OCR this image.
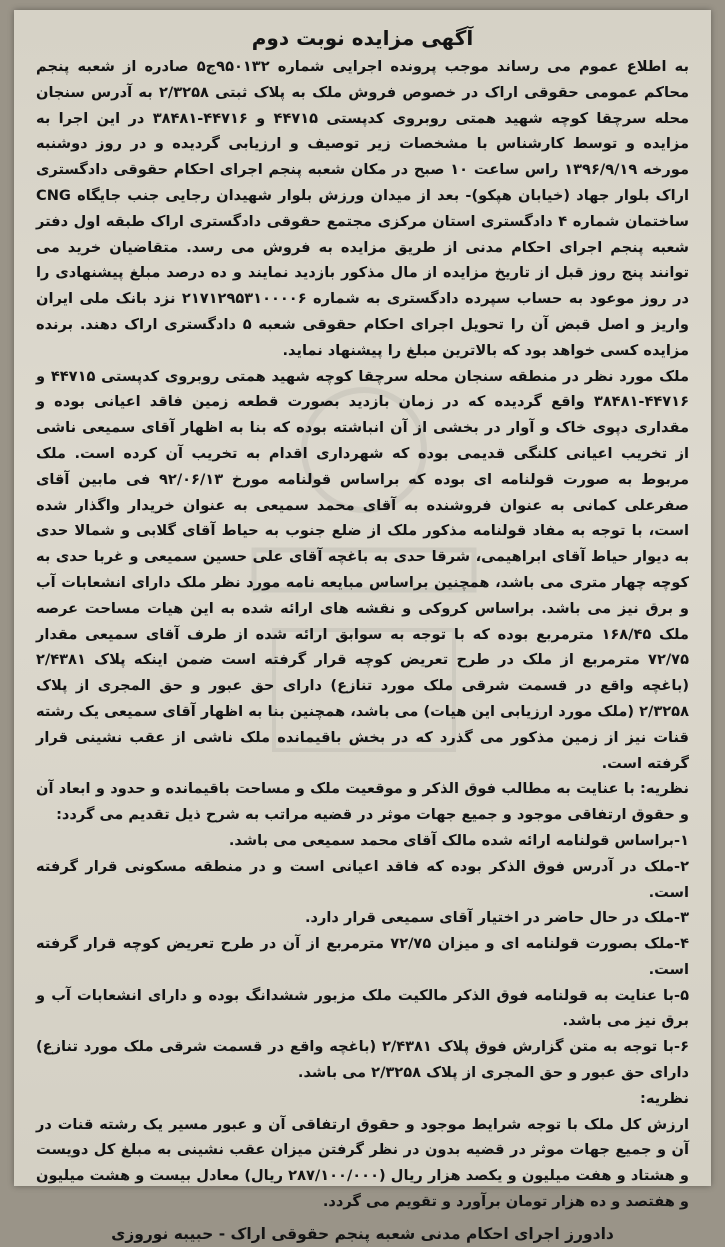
آگهی مزایده نوبت دوم

به اطلاع عموم می رساند موجب پرونده اجرایی شماره ۹۵۰۱۳۲ج۵ صادره از شعبه پنجم محاکم عمومی حقوقی اراک در خصوص فروش ملک به پلاک ثبتی ۲/۳۲۵۸ به آدرس سنجان محله سرچقا کوچه شهید همتی روبروی کدپستی ۴۴۷۱۵ و ۴۴۷۱۶-۳۸۴۸۱ در این اجرا به مزایده و توسط کارشناس با مشخصات زیر توصیف و ارزیابی گردیده و در روز دوشنبه مورخه ۱۳۹۶/۹/۱۹ راس ساعت ۱۰ صبح در مکان شعبه پنجم اجرای احکام حقوقی دادگستری اراک بلوار جهاد (خیابان هپکو)- بعد از میدان ورزش بلوار شهیدان رجایی جنب جایگاه CNG ساختمان شماره ۴ دادگستری استان مرکزی مجتمع حقوقی دادگستری اراک طبقه اول دفتر شعبه پنجم اجرای احکام مدنی از طریق مزایده به فروش می رسد. متقاضیان خرید می توانند پنج روز قبل از تاریخ مزایده از مال مذکور بازدید نمایند و ده درصد مبلغ پیشنهادی را در روز موعود به حساب سپرده دادگستری به شماره ۲۱۷۱۲۹۵۳۱۰۰۰۰۶ نزد بانک ملی ایران واریز و اصل قبض آن را تحویل اجرای احکام حقوقی شعبه ۵ دادگستری اراک دهند. برنده مزایده کسی خواهد بود که بالاترین مبلغ را پیشنهاد نماید.

ملک مورد نظر در منطقه سنجان محله سرچقا کوچه شهید همتی روبروی کدپستی ۴۴۷۱۵ و ۴۴۷۱۶-۳۸۴۸۱ واقع گردیده که در زمان بازدید بصورت قطعه زمین فاقد اعیانی بوده و مقداری دپوی خاک و آوار در بخشی از آن انباشته بوده که بنا به اظهار آقای سمیعی ناشی از تخریب اعیانی کلنگی قدیمی بوده که شهرداری اقدام به تخریب آن کرده است. ملک مربوط به صورت قولنامه ای بوده که براساس قولنامه مورخ ۹۲/۰۶/۱۳ فی مابین آقای صفرعلی کمانی به عنوان فروشنده به آقای محمد سمیعی به عنوان خریدار واگذار شده است، با توجه به مفاد قولنامه مذکور ملک از ضلع جنوب به حیاط آقای گلابی و شمالا حدی به دیوار حیاط آقای ابراهیمی، شرقا حدی به باغچه آقای علی حسین سمیعی و غربا حدی به کوچه چهار متری می باشد، همچنین براساس مبایعه نامه مورد نظر ملک دارای انشعابات آب و برق نیز می باشد. براساس کروکی و نقشه های ارائه شده به این هیات مساحت عرصه ملک ۱۶۸/۴۵ مترمربع بوده که با توجه به سوابق ارائه شده از طرف آقای سمیعی مقدار ۷۲/۷۵ مترمربع از ملک در طرح تعریض کوچه قرار گرفته است ضمن اینکه پلاک ۲/۴۳۸۱ (باغچه واقع در قسمت شرقی ملک مورد تنازع) دارای حق عبور و حق المجری از پلاک ۲/۳۲۵۸ (ملک مورد ارزیابی این هیات) می باشد، همچنین بنا به اظهار آقای سمیعی یک رشته قنات نیز از زمین مذکور می گذرد که در بخش باقیمانده ملک ناشی از عقب نشینی قرار گرفته است.

نظریه: با عنایت به مطالب فوق الذکر و موقعیت ملک و مساحت باقیمانده و حدود و ابعاد آن و حقوق ارتفاقی موجود و جمیع جهات موثر در قضیه مراتب به شرح ذیل تقدیم می گردد:

۱-براساس قولنامه ارائه شده مالک آقای محمد سمیعی می باشد.

۲-ملک در آدرس فوق الذکر بوده که فاقد اعیانی است و در منطقه مسکونی قرار گرفته است.

۳-ملک در حال حاضر در اختیار آقای سمیعی قرار دارد.

۴-ملک بصورت قولنامه ای و میزان ۷۲/۷۵ مترمربع از آن در طرح تعریض کوچه قرار گرفته است.

۵-با عنایت به قولنامه فوق الذکر مالکیت ملک مزبور ششدانگ بوده و دارای انشعابات آب و برق نیز می باشد.

۶-با توجه به متن گزارش فوق پلاک ۲/۴۳۸۱ (باغچه واقع در قسمت شرقی ملک مورد تنازع) دارای حق عبور و حق المجری از پلاک ۲/۳۲۵۸ می باشد.

نظریه:

ارزش کل ملک با توجه شرایط موجود و حقوق ارتفاقی آن و عبور مسیر یک رشته قنات در آن و جمیع جهات موثر در قضیه بدون در نظر گرفتن میزان عقب نشینی به مبلغ کل دویست و هشتاد و هفت میلیون و یکصد هزار ریال (۲۸۷/۱۰۰/۰۰۰ ریال) معادل بیست و هشت میلیون و هفتصد و ده هزار تومان برآورد و تقویم می گردد.

دادورز اجرای احکام مدنی شعبه پنجم حقوقی اراک - حبیبه نوروزی
